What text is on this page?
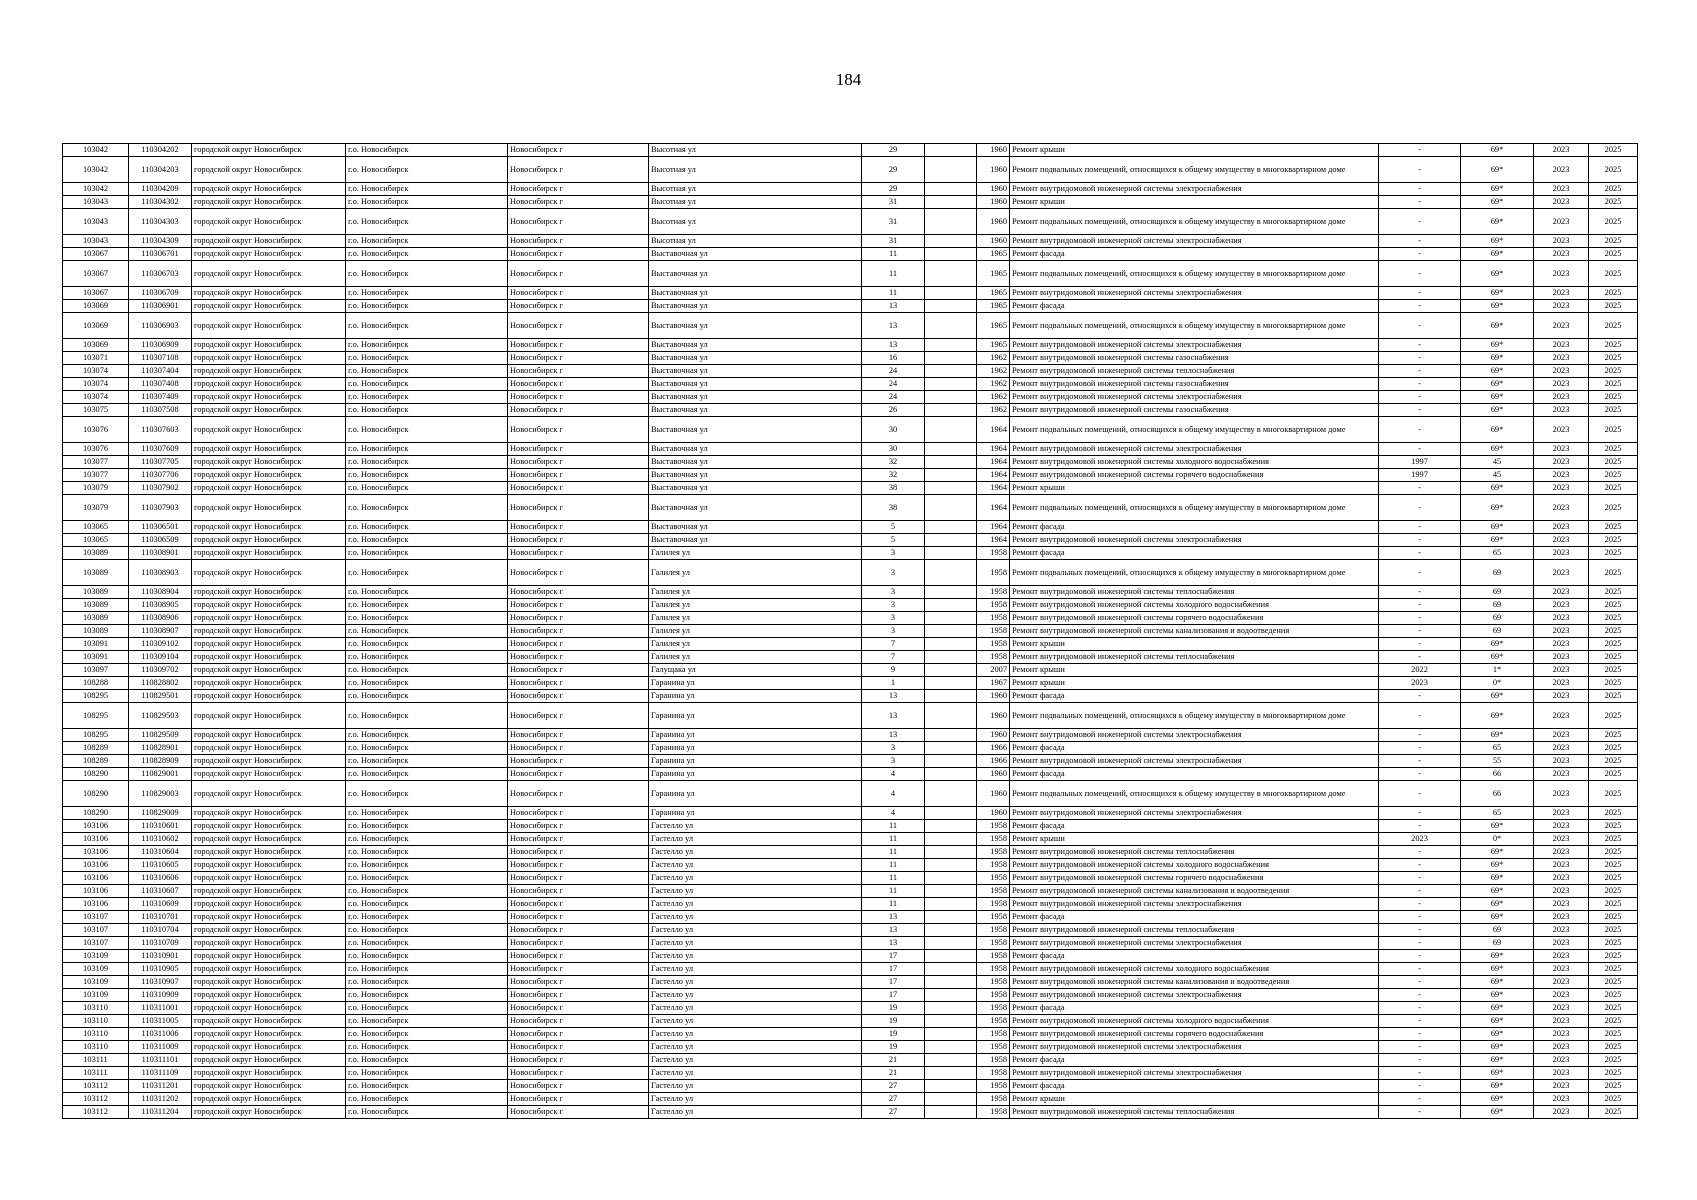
184
103042	110304202	городской округ Новосибирск	г.о. Новосибирск	Новосибирск г	Высотная ул	29		1960	Ремонт крыши	-	69*	2023	2025
103042	110304203	городской округ Новосибирск	г.о. Новосибирск	Новосибирск г	Высотная ул	29		1960	Ремонт подвальных помещений, относящихся к общему имуществу в многоквартирном доме	-	69*	2023	2025
103042	110304209	городской округ Новосибирск	г.о. Новосибирск	Новосибирск г	Высотная ул	29		1960	Ремонт внутридомовой инженерной системы электроснабжения	-	69*	2023	2025
103043	110304302	городской округ Новосибирск	г.о. Новосибирск	Новосибирск г	Высотная ул	31		1960	Ремонт крыши	-	69*	2023	2025
103043	110304303	городской округ Новосибирск	г.о. Новосибирск	Новосибирск г	Высотная ул	31		1960	Ремонт подвальных помещений, относящихся к общему имуществу в многоквартирном доме	-	69*	2023	2025
103043	110304309	городской округ Новосибирск	г.о. Новосибирск	Новосибирск г	Высотная ул	31		1960	Ремонт внутридомовой инженерной системы электроснабжения	-	69*	2023	2025
103067	110306701	городской округ Новосибирск	г.о. Новосибирск	Новосибирск г	Выставочная ул	11		1965	Ремонт фасада	-	69*	2023	2025
103067	110306703	городской округ Новосибирск	г.о. Новосибирск	Новосибирск г	Выставочная ул	11		1965	Ремонт подвальных помещений, относящихся к общему имуществу в многоквартирном доме	-	69*	2023	2025
103067	110306709	городской округ Новосибирск	г.о. Новосибирск	Новосибирск г	Выставочная ул	11		1965	Ремонт внутридомовой инженерной системы электроснабжения	-	69*	2023	2025
103069	110306901	городской округ Новосибирск	г.о. Новосибирск	Новосибирск г	Выставочная ул	13		1965	Ремонт фасада	-	69*	2023	2025
103069	110306903	городской округ Новосибирск	г.о. Новосибирск	Новосибирск г	Выставочная ул	13		1965	Ремонт подвальных помещений, относящихся к общему имуществу в многоквартирном доме	-	69*	2023	2025
103069	110306909	городской округ Новосибирск	г.о. Новосибирск	Новосибирск г	Выставочная ул	13		1965	Ремонт внутридомовой инженерной системы электроснабжения	-	69*	2023	2025
103071	110307108	городской округ Новосибирск	г.о. Новосибирск	Новосибирск г	Выставочная ул	16		1962	Ремонт внутридомовой инженерной системы газоснабжения	-	69*	2023	2025
103074	110307404	городской округ Новосибирск	г.о. Новосибирск	Новосибирск г	Выставочная ул	24		1962	Ремонт внутридомовой инженерной системы теплоснабжения	-	69*	2023	2025
103074	110307408	городской округ Новосибирск	г.о. Новосибирск	Новосибирск г	Выставочная ул	24		1962	Ремонт внутридомовой инженерной системы газоснабжения	-	69*	2023	2025
103074	110307409	городской округ Новосибирск	г.о. Новосибирск	Новосибирск г	Выставочная ул	24		1962	Ремонт внутридомовой инженерной системы электроснабжения	-	69*	2023	2025
103075	110307508	городской округ Новосибирск	г.о. Новосибирск	Новосибирск г	Выставочная ул	26		1962	Ремонт внутридомовой инженерной системы газоснабжения	-	69*	2023	2025
103076	110307603	городской округ Новосибирск	г.о. Новосибирск	Новосибирск г	Выставочная ул	30		1964	Ремонт подвальных помещений, относящихся к общему имуществу в многоквартирном доме	-	69*	2023	2025
103076	110307609	городской округ Новосибирск	г.о. Новосибирск	Новосибирск г	Выставочная ул	30		1964	Ремонт внутридомовой инженерной системы электроснабжения	-	69*	2023	2025
103077	110307705	городской округ Новосибирск	г.о. Новосибирск	Новосибирск г	Выставочная ул	32		1964	Ремонт внутридомовой инженерной системы холодного водоснабжения	1997	45	2023	2025
103077	110307706	городской округ Новосибирск	г.о. Новосибирск	Новосибирск г	Выставочная ул	32		1964	Ремонт внутридомовой инженерной системы горячего водоснабжения	1997	45	2023	2025
103079	110307902	городской округ Новосибирск	г.о. Новосибирск	Новосибирск г	Выставочная ул	38		1964	Ремонт крыши	-	69*	2023	2025
103079	110307903	городской округ Новосибирск	г.о. Новосибирск	Новосибирск г	Выставочная ул	38		1964	Ремонт подвальных помещений, относящихся к общему имуществу в многоквартирном доме	-	69*	2023	2025
103065	110306501	городской округ Новосибирск	г.о. Новосибирск	Новосибирск г	Выставочная ул	5		1964	Ремонт фасада	-	69*	2023	2025
103065	110306509	городской округ Новосибирск	г.о. Новосибирск	Новосибирск г	Выставочная ул	5		1964	Ремонт внутридомовой инженерной системы электроснабжения	-	69*	2023	2025
103089	110308901	городской округ Новосибирск	г.о. Новосибирск	Новосибирск г	Галилея ул	3		1958	Ремонт фасада	-	65	2023	2025
103089	110308903	городской округ Новосибирск	г.о. Новосибирск	Новосибирск г	Галилея ул	3		1958	Ремонт подвальных помещений, относящихся к общему имуществу в многоквартирном доме	-	69	2023	2025
103089	110308904	городской округ Новосибирск	г.о. Новосибирск	Новосибирск г	Галилея ул	3		1958	Ремонт внутридомовой инженерной системы теплоснабжения	-	69	2023	2025
103089	110308905	городской округ Новосибирск	г.о. Новосибирск	Новосибирск г	Галилея ул	3		1958	Ремонт внутридомовой инженерной системы холодного водоснабжения	-	69	2023	2025
103089	110308906	городской округ Новосибирск	г.о. Новосибирск	Новосибирск г	Галилея ул	3		1958	Ремонт внутридомовой инженерной системы горячего водоснабжения	-	69	2023	2025
103089	110308907	городской округ Новосибирск	г.о. Новосибирск	Новосибирск г	Галилея ул	3		1958	Ремонт внутридомовой инженерной системы канализования и водоотведения	-	69	2023	2025
103091	110309102	городской округ Новосибирск	г.о. Новосибирск	Новосибирск г	Галилея ул	7		1958	Ремонт крыши	-	69*	2023	2025
103091	110309104	городской округ Новосибирск	г.о. Новосибирск	Новосибирск г	Галилея ул	7		1958	Ремонт внутридомовой инженерной системы теплоснабжения	-	69*	2023	2025
103097	110309702	городской округ Новосибирск	г.о. Новосибирск	Новосибирск г	Галущака ул	9		2007	Ремонт крыши	2022	1*	2023	2025
108288	110828802	городской округ Новосибирск	г.о. Новосибирск	Новосибирск г	Гаранина ул	1		1967	Ремонт крыши	2023	0*	2023	2025
108295	110829501	городской округ Новосибирск	г.о. Новосибирск	Новосибирск г	Гаранина ул	13		1960	Ремонт фасада	-	69*	2023	2025
108295	110829503	городской округ Новосибирск	г.о. Новосибирск	Новосибирск г	Гаранина ул	13		1960	Ремонт подвальных помещений, относящихся к общему имуществу в многоквартирном доме	-	69*	2023	2025
108295	110829509	городской округ Новосибирск	г.о. Новосибирск	Новосибирск г	Гаранина ул	13		1960	Ремонт внутридомовой инженерной системы электроснабжения	-	69*	2023	2025
108289	110828901	городской округ Новосибирск	г.о. Новосибирск	Новосибирск г	Гаранина ул	3		1966	Ремонт фасада	-	65	2023	2025
108289	110828909	городской округ Новосибирск	г.о. Новосибирск	Новосибирск г	Гаранина ул	3		1966	Ремонт внутридомовой инженерной системы электроснабжения	-	55	2023	2025
108290	110829001	городской округ Новосибирск	г.о. Новосибирск	Новосибирск г	Гаранина ул	4		1960	Ремонт фасада	-	66	2023	2025
108290	110829003	городской округ Новосибирск	г.о. Новосибирск	Новосибирск г	Гаранина ул	4		1960	Ремонт подвальных помещений, относящихся к общему имуществу в многоквартирном доме	-	66	2023	2025
108290	110829009	городской округ Новосибирск	г.о. Новосибирск	Новосибирск г	Гаранина ул	4		1960	Ремонт внутридомовой инженерной системы электроснабжения	-	65	2023	2025
103106	110310601	городской округ Новосибирск	г.о. Новосибирск	Новосибирск г	Гастелло ул	11		1958	Ремонт фасада	-	69*	2023	2025
103106	110310602	городской округ Новосибирск	г.о. Новосибирск	Новосибирск г	Гастелло ул	11		1958	Ремонт крыши	2023	0*	2023	2025
103106	110310604	городской округ Новосибирск	г.о. Новосибирск	Новосибирск г	Гастелло ул	11		1958	Ремонт внутридомовой инженерной системы теплоснабжения	-	69*	2023	2025
103106	110310605	городской округ Новосибирск	г.о. Новосибирск	Новосибирск г	Гастелло ул	11		1958	Ремонт внутридомовой инженерной системы холодного водоснабжения	-	69*	2023	2025
103106	110310606	городской округ Новосибирск	г.о. Новосибирск	Новосибирск г	Гастелло ул	11		1958	Ремонт внутридомовой инженерной системы горячего водоснабжения	-	69*	2023	2025
103106	110310607	городской округ Новосибирск	г.о. Новосибирск	Новосибирск г	Гастелло ул	11		1958	Ремонт внутридомовой инженерной системы канализования и водоотведения	-	69*	2023	2025
103106	110310609	городской округ Новосибирск	г.о. Новосибирск	Новосибирск г	Гастелло ул	11		1958	Ремонт внутридомовой инженерной системы электроснабжения	-	69*	2023	2025
103107	110310701	городской округ Новосибирск	г.о. Новосибирск	Новосибирск г	Гастелло ул	13		1958	Ремонт фасада	-	69*	2023	2025
103107	110310704	городской округ Новосибирск	г.о. Новосибирск	Новосибирск г	Гастелло ул	13		1958	Ремонт внутридомовой инженерной системы теплоснабжения	-	69	2023	2025
103107	110310709	городской округ Новосибирск	г.о. Новосибирск	Новосибирск г	Гастелло ул	13		1958	Ремонт внутридомовой инженерной системы электроснабжения	-	69	2023	2025
103109	110310901	городской округ Новосибирск	г.о. Новосибирск	Новосибирск г	Гастелло ул	17		1958	Ремонт фасада	-	69*	2023	2025
103109	110310905	городской округ Новосибирск	г.о. Новосибирск	Новосибирск г	Гастелло ул	17		1958	Ремонт внутридомовой инженерной системы холодного водоснабжения	-	69*	2023	2025
103109	110310907	городской округ Новосибирск	г.о. Новосибирск	Новосибирск г	Гастелло ул	17		1958	Ремонт внутридомовой инженерной системы канализования и водоотведения	-	69*	2023	2025
103109	110310909	городской округ Новосибирск	г.о. Новосибирск	Новосибирск г	Гастелло ул	17		1958	Ремонт внутридомовой инженерной системы электроснабжения	-	69*	2023	2025
103110	110311001	городской округ Новосибирск	г.о. Новосибирск	Новосибирск г	Гастелло ул	19		1958	Ремонт фасада	-	69*	2023	2025
103110	110311005	городской округ Новосибирск	г.о. Новосибирск	Новосибирск г	Гастелло ул	19		1958	Ремонт внутридомовой инженерной системы холодного водоснабжения	-	69*	2023	2025
103110	110311006	городской округ Новосибирск	г.о. Новосибирск	Новосибирск г	Гастелло ул	19		1958	Ремонт внутридомовой инженерной системы горячего водоснабжения	-	69*	2023	2025
103110	110311009	городской округ Новосибирск	г.о. Новосибирск	Новосибирск г	Гастелло ул	19		1958	Ремонт внутридомовой инженерной системы электроснабжения	-	69*	2023	2025
103111	110311101	городской округ Новосибирск	г.о. Новосибирск	Новосибирск г	Гастелло ул	21		1958	Ремонт фасада	-	69*	2023	2025
103111	110311109	городской округ Новосибирск	г.о. Новосибирск	Новосибирск г	Гастелло ул	21		1958	Ремонт внутридомовой инженерной системы электроснабжения	-	69*	2023	2025
103112	110311201	городской округ Новосибирск	г.о. Новосибирск	Новосибирск г	Гастелло ул	27		1958	Ремонт фасада	-	69*	2023	2025
103112	110311202	городской округ Новосибирск	г.о. Новосибирск	Новосибирск г	Гастелло ул	27		1958	Ремонт крыши	-	69*	2023	2025
103112	110311204	городской округ Новосибирск	г.о. Новосибирск	Новосибирск г	Гастелло ул	27		1958	Ремонт внутридомовой инженерной системы теплоснабжения	-	69*	2023	2025
